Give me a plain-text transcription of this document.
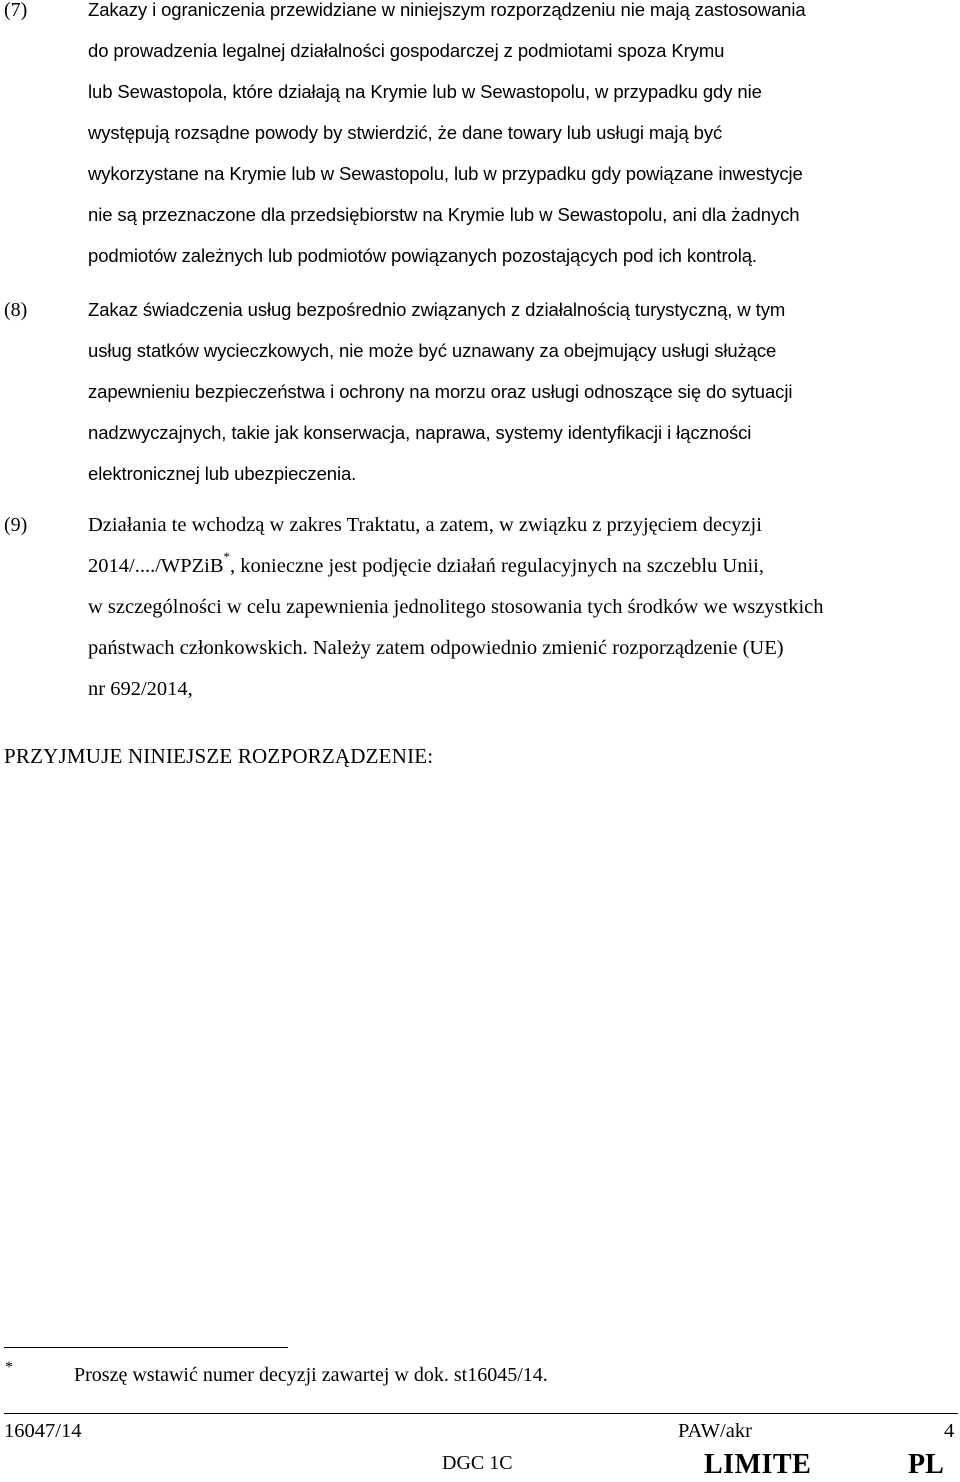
(7)	Zakazy i ograniczenia przewidziane w niniejszym rozporządzeniu nie mają zastosowania
do prowadzenia legalnej działalności gospodarczej z podmiotami spoza Krymu
lub Sewastopola, które działają na Krymie lub w Sewastopolu, w przypadku gdy nie
występują rozsądne powody by stwierdzić, że dane towary lub usługi mają być
wykorzystane na Krymie lub w Sewastopolu, lub w przypadku gdy powiązane inwestycje
nie są przeznaczone dla przedsiębiorstw na Krymie lub w Sewastopolu, ani dla żadnych
podmiotów zależnych lub podmiotów powiązanych pozostających pod ich kontrolą.
(8)	Zakaz świadczenia usług bezpośrednio związanych z działalnością turystyczną, w tym
usług statków wycieczkowych, nie może być uznawany za obejmujący usługi służące
zapewnieniu bezpieczeństwa i ochrony na morzu oraz usługi odnoszące się do sytuacji
nadzwyczajnych, takie jak konserwacja, naprawa, systemy identyfikacji i łączności
elektronicznej lub ubezpieczenia.
(9)	Działania te wchodzą w zakres Traktatu, a zatem, w związku z przyjęciem decyzji
2014/..../WPZiB*, konieczne jest podjęcie działań regulacyjnych na szczeblu Unii,
w szczególności w celu zapewnienia jednolitego stosowania tych środków we wszystkich
państwach członkowskich. Należy zatem odpowiednio zmienić rozporządzenie (UE)
nr 692/2014,
PRZYJMUJE NINIEJSZE ROZPORZĄDZENIE:
*	Proszę wstawić numer decyzji zawartej w dok. st16045/14.
16047/14	PAW/akr	4
DGC 1C	LIMITE	PL
